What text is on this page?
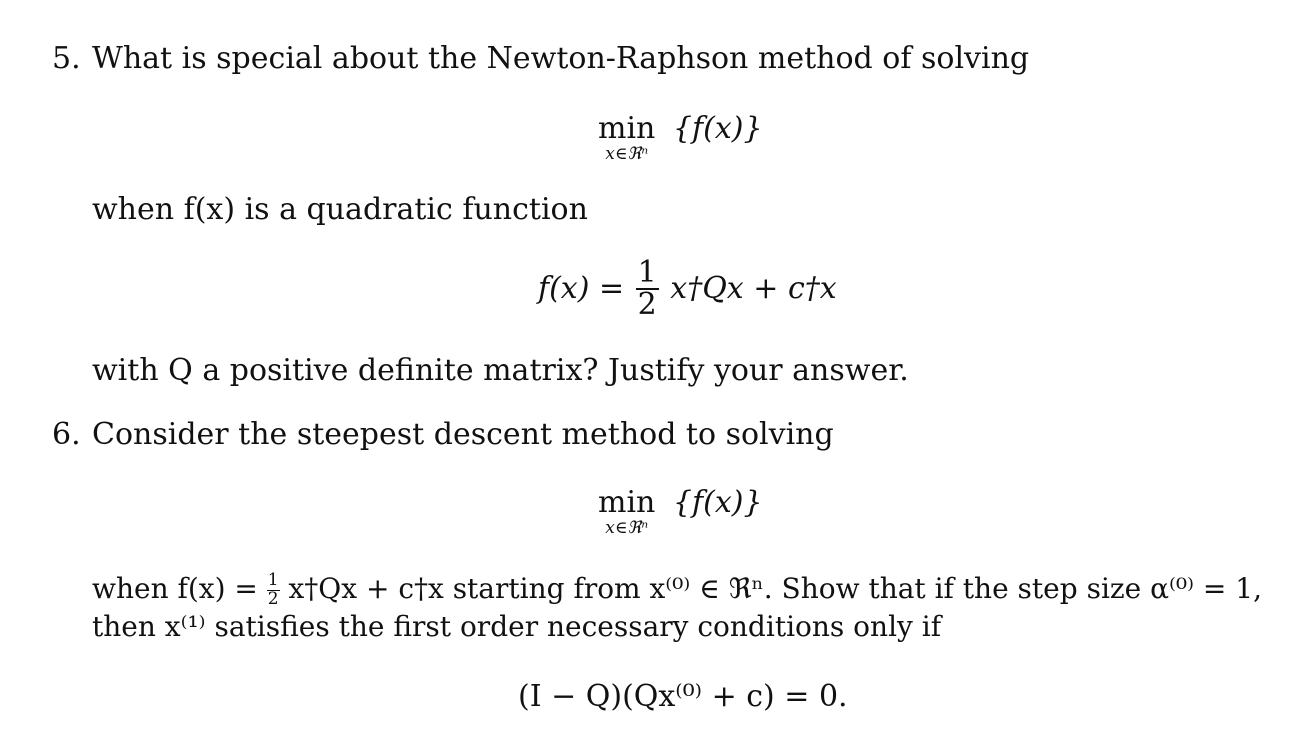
5. What is special about the Newton-Raphson method of solving
min
x∈ℜⁿ
{f(x)}
when f(x) is a quadratic function
$f(x) = \frac{1}{2}$ x†Qx + c†x
with Q a positive definite matrix? Justify your answer.
6. Consider the steepest descent method to solving
min
x∈ℜⁿ
{f(x)}
when $f(x) = \frac{1}{2}$ x†Qx + c†x starting from x⁽⁰⁾ ∈ ℜⁿ. Show that if the step size α⁽⁰⁾ = 1,
then x⁽¹⁾ satisfies the first order necessary conditions only if
(I − Q)(Qx⁽⁰⁾ + c) = 0.
